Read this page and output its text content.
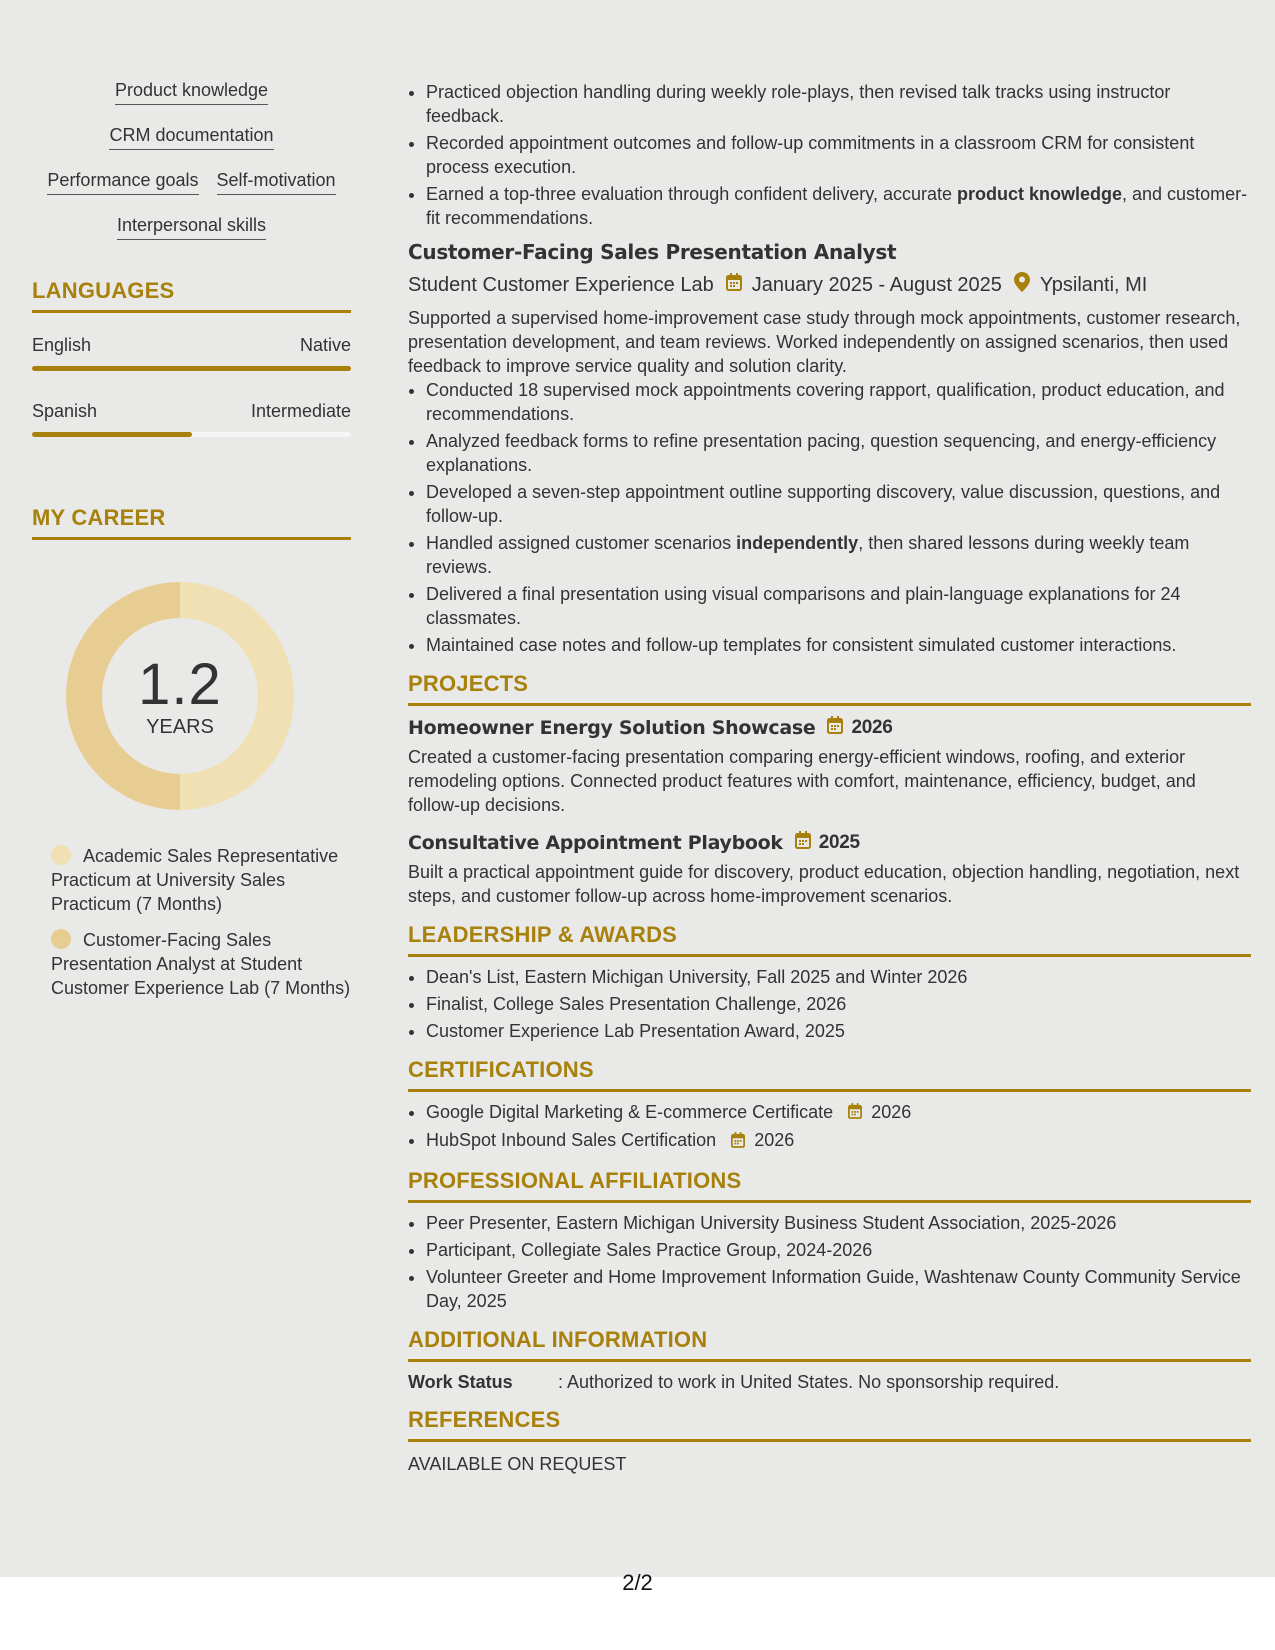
Product knowledge
CRM documentation
Performance goals Self-motivation
Interpersonal skills
LANGUAGES
English	Native
Spanish	Intermediate
MY CAREER
1.2
YEARS
Academic Sales Representative Practicum at University Sales Practicum (7 Months)
Customer-Facing Sales Presentation Analyst at Student Customer Experience Lab (7 Months)
• Practiced objection handling during weekly role-plays, then revised talk tracks using instructor feedback.
• Recorded appointment outcomes and follow-up commitments in a classroom CRM for consistent process execution.
• Earned a top-three evaluation through confident delivery, accurate product knowledge, and customer-fit recommendations.
Customer-Facing Sales Presentation Analyst
Student Customer Experience Lab January 2025 - August 2025 Ypsilanti, MI
Supported a supervised home-improvement case study through mock appointments, customer research, presentation development, and team reviews. Worked independently on assigned scenarios, then used feedback to improve service quality and solution clarity.
• Conducted 18 supervised mock appointments covering rapport, qualification, product education, and recommendations.
• Analyzed feedback forms to refine presentation pacing, question sequencing, and energy-efficiency explanations.
• Developed a seven-step appointment outline supporting discovery, value discussion, questions, and follow-up.
• Handled assigned customer scenarios independently, then shared lessons during weekly team reviews.
• Delivered a final presentation using visual comparisons and plain-language explanations for 24 classmates.
• Maintained case notes and follow-up templates for consistent simulated customer interactions.
PROJECTS
Homeowner Energy Solution Showcase 2026
Created a customer-facing presentation comparing energy-efficient windows, roofing, and exterior remodeling options. Connected product features with comfort, maintenance, efficiency, budget, and follow-up decisions.
Consultative Appointment Playbook 2025
Built a practical appointment guide for discovery, product education, objection handling, negotiation, next steps, and customer follow-up across home-improvement scenarios.
LEADERSHIP & AWARDS
• Dean's List, Eastern Michigan University, Fall 2025 and Winter 2026
• Finalist, College Sales Presentation Challenge, 2026
• Customer Experience Lab Presentation Award, 2025
CERTIFICATIONS
• Google Digital Marketing & E-commerce Certificate 2026
• HubSpot Inbound Sales Certification 2026
PROFESSIONAL AFFILIATIONS
• Peer Presenter, Eastern Michigan University Business Student Association, 2025-2026
• Participant, Collegiate Sales Practice Group, 2024-2026
• Volunteer Greeter and Home Improvement Information Guide, Washtenaw County Community Service Day, 2025
ADDITIONAL INFORMATION
Work Status	: Authorized to work in United States. No sponsorship required.
REFERENCES
AVAILABLE ON REQUEST
2/2
